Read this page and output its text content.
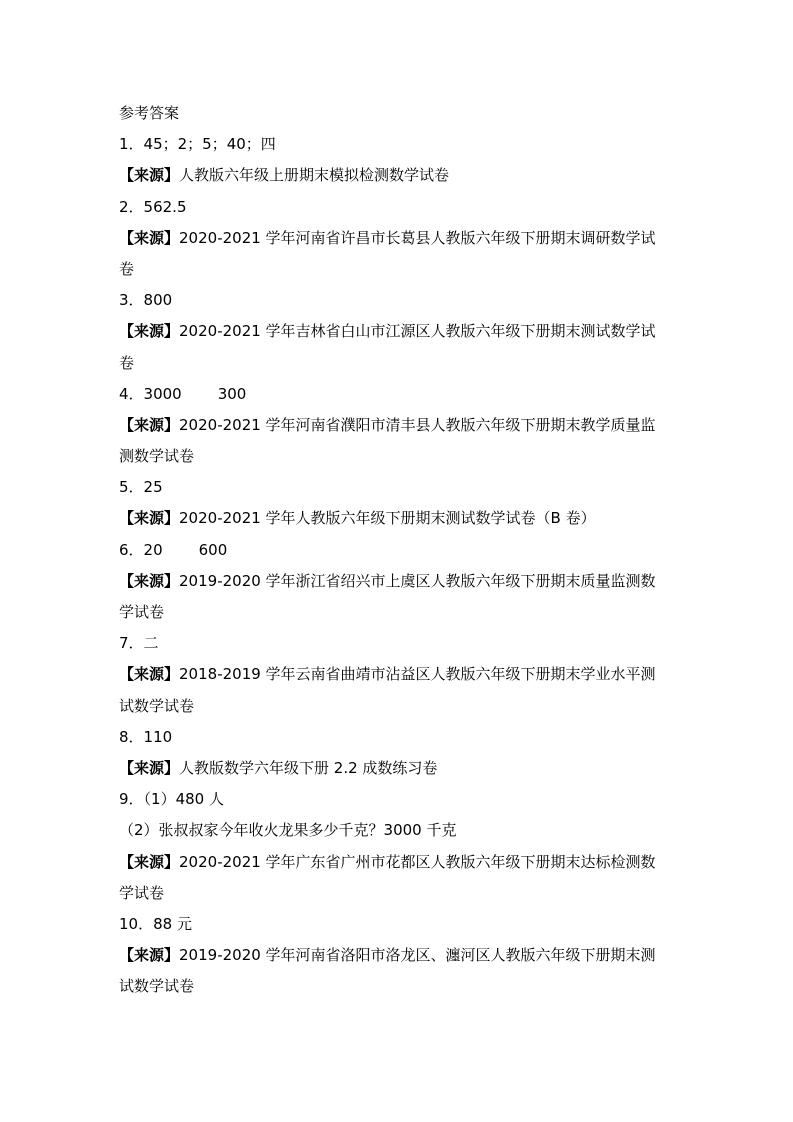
参考答案
1．45；2；5；40；四
【来源】人教版六年级上册期末模拟检测数学试卷
2．562.5
【来源】2020-2021 学年河南省许昌市长葛县人教版六年级下册期末调研数学试
卷
3．800
【来源】2020-2021 学年吉林省白山市江源区人教版六年级下册期末测试数学试
卷
4．3000 300
【来源】2020-2021 学年河南省濮阳市清丰县人教版六年级下册期末教学质量监
测数学试卷
5．25
【来源】2020-2021 学年人教版六年级下册期末测试数学试卷（B 卷）
6．20 600
【来源】2019-2020 学年浙江省绍兴市上虞区人教版六年级下册期末质量监测数
学试卷
7．二
【来源】2018-2019 学年云南省曲靖市沾益区人教版六年级下册期末学业水平测
试数学试卷
8．110
【来源】人教版数学六年级下册 2.2 成数练习卷
9．（1）480 人
（2）张叔叔家今年收火龙果多少千克？3000 千克
【来源】2020-2021 学年广东省广州市花都区人教版六年级下册期末达标检测数
学试卷
10．88 元
【来源】2019-2020 学年河南省洛阳市洛龙区、瀍河区人教版六年级下册期末测
试数学试卷
